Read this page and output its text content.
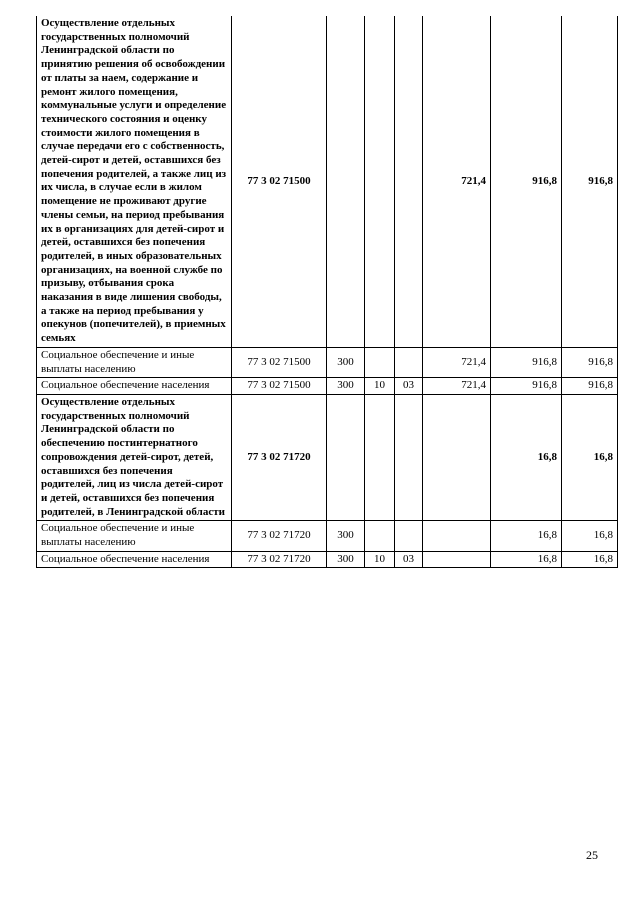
Осуществление отдельных государственных полномочий Ленинградской области по принятию решения об освобождении от платы за наем, содержание и ремонт жилого помещения, коммунальные услуги и определение технического состояния и оценку стоимости жилого помещения в случае передачи его с собственность, детей-сирот и детей, оставшихся без попечения родителей, а также лиц из их числа, в случае если в жилом помещение не проживают другие члены семьи, на период пребывания их в организациях для детей-сирот и детей, оставшихся без попечения родителей, в иных образовательных организациях, на военной службе по призыву, отбывания срока наказания в виде лишения свободы, а также на период пребывания у опекунов (попечителей), в приемных семьях	77 3 02 71500				721,4	916,8	916,8
Социальное обеспечение и иные выплаты населению	77 3 02 71500	300			721,4	916,8	916,8
Социальное обеспечение населения	77 3 02 71500	300	10	03	721,4	916,8	916,8
Осуществление отдельных государственных полномочий Ленинградской области по обеспечению постинтернатного сопровождения детей-сирот, детей, оставшихся без попечения родителей, лиц из числа детей-сирот и детей, оставшихся без попечения родителей, в Ленинградской области	77 3 02 71720					16,8	16,8
Социальное обеспечение и иные выплаты населению	77 3 02 71720	300				16,8	16,8
Социальное обеспечение населения	77 3 02 71720	300	10	03		16,8	16,8
25
